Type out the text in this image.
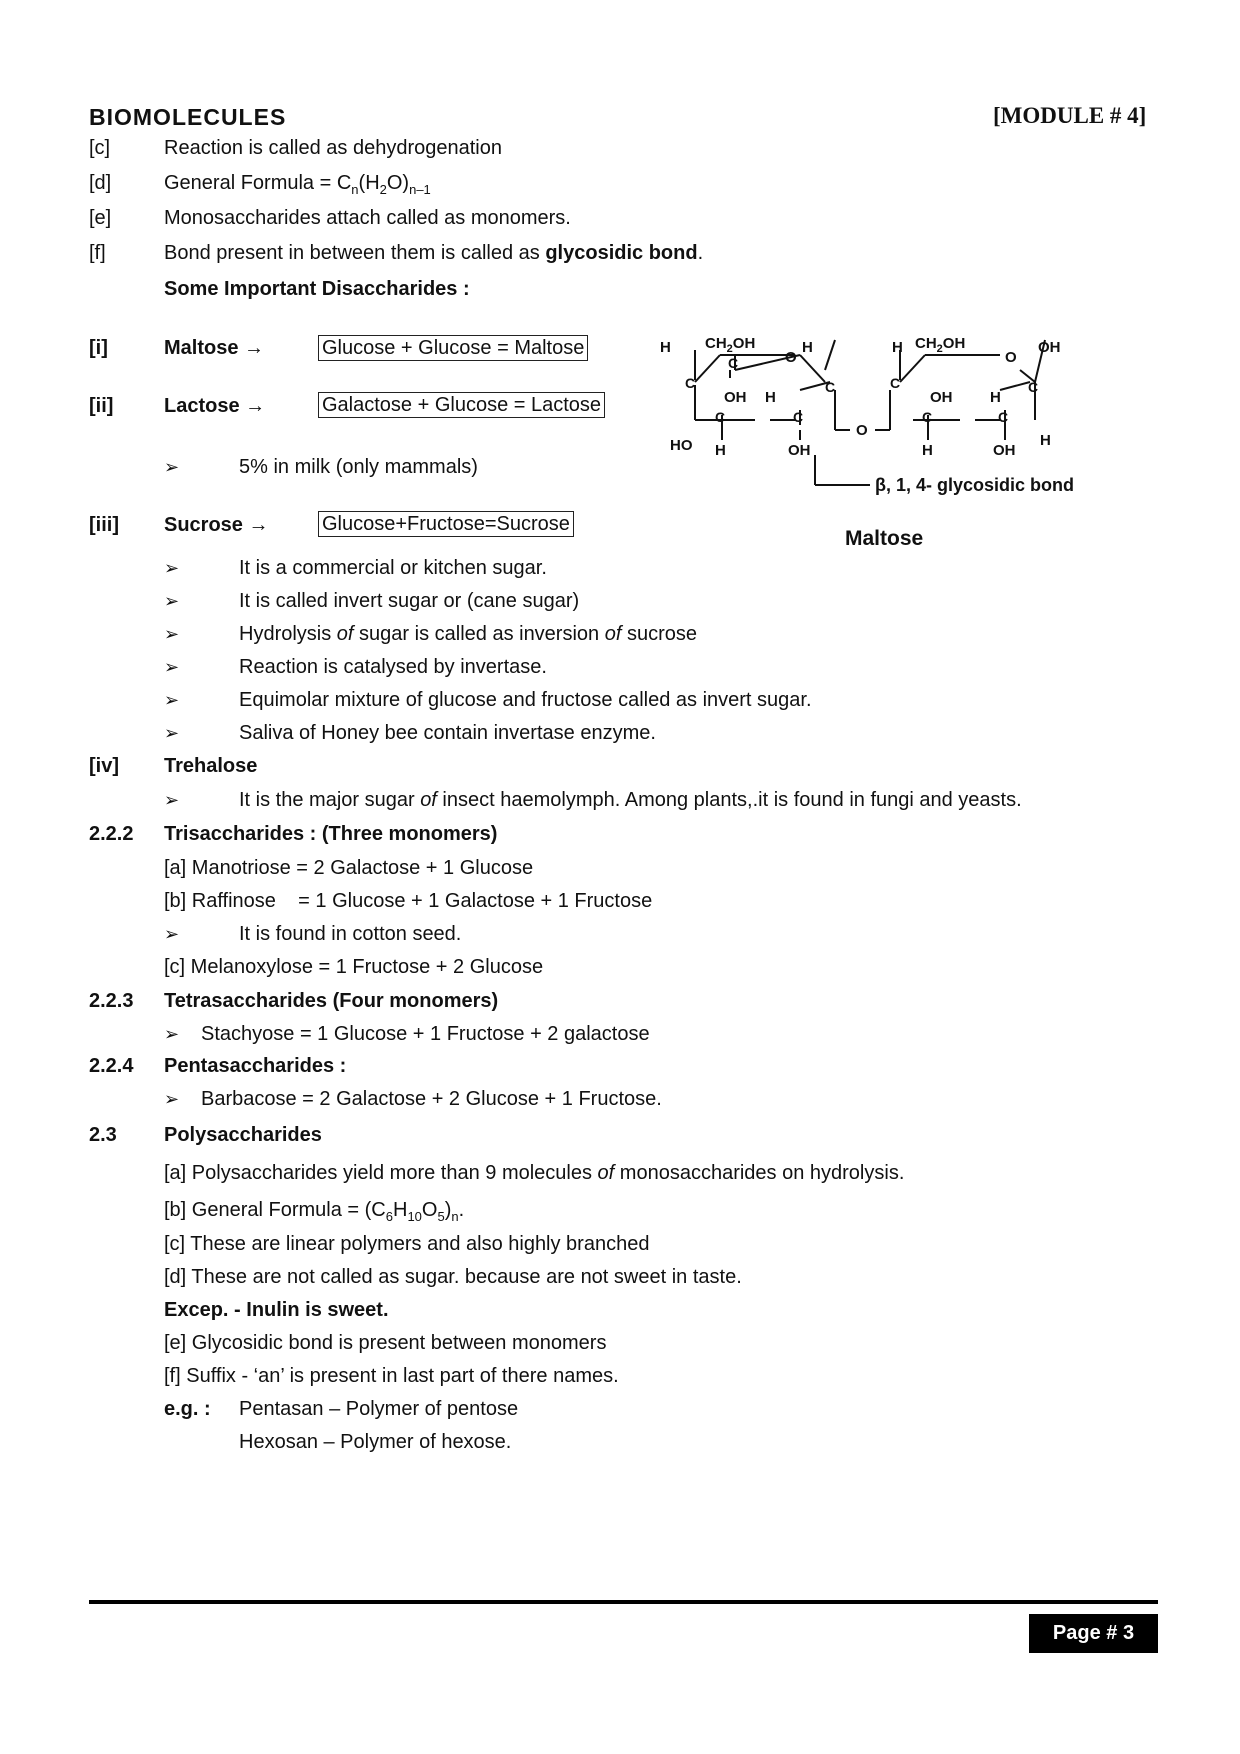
BIOMOLECULES	[MODULE # 4]
[c]	Reaction is called as dehydrogenation
[d]	General Formula = $C_n(H_2O)_{n-1}$
[e]	Monosaccharides attach called as monomers.
[f]	Bond present in between them is called as glycosidic bond.
Some Important Disaccharides :
[i]	Maltose →	Glucose + Glucose = Maltose
[ii]	Lactose →	Galactose + Glucose = Lactose
➢	5% in milk (only mammals)
[iii] Sucrose →	Glucose+Fructose=Sucrose
➢	It is a commercial or kitchen sugar.
➢	It is called invert sugar or (cane sugar)
➢	Hydrolysis of sugar is called as inversion of sucrose
➢	Reaction is catalysed by invertase.
➢	Equimolar mixture of glucose and fructose called as invert sugar.
➢	Saliva of Honey bee contain invertase enzyme.
[iv] Trehalose
➢	It is the major sugar of insect haemolymph. Among plants,.it is found in fungi and yeasts.
2.2.2 Trisaccharides : (Three monomers)
[a] Manotriose = 2 Galactose + 1 Glucose
[b] Raffinose    = 1 Glucose + 1 Galactose + 1 Fructose
➢	It is found in cotton seed.
[c] Melanoxylose = 1 Fructose + 2 Glucose
2.2.3 Tetrasaccharides (Four monomers)
➢ Stachyose = 1 Glucose + 1 Fructose + 2 galactose
2.2.4 Pentasaccharides :
➢ Barbacose = 2 Galactose + 2 Glucose + 1 Fructose.
2.3 Polysaccharides
[a] Polysaccharides yield more than 9 molecules of monosaccharides on hydrolysis.
[b] General Formula = $(C_6H_{10}O_5)_n$.
[c] These are linear polymers and also highly branched
[d] These are not called as sugar. because are not sweet in taste.
Excep. - Inulin is sweet.
[e] Glycosidic bond is present between monomers
[f] Suffix - ‘an’ is present in last part of there names.
e.g. : Pentasan – Polymer of pentose
Hexosan – Polymer of hexose.
H $CH_2OH$	H
O
C
C
OH H
C
C	C
HO H	OH
O
H $CH_2OH$	OH
O
C
OH	H
C
C	C
H	OH
H
β, 1, 4- glycosidic bond
Maltose
Page # 3
